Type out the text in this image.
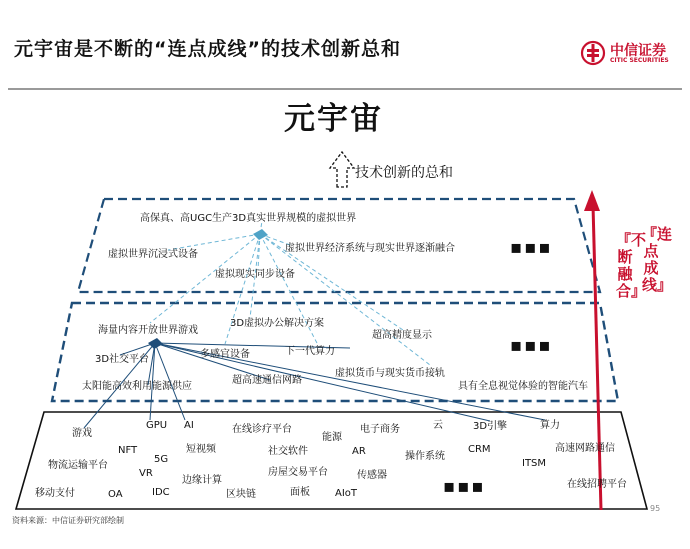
元宇宙是不断的“连点成线”的技术创新总和	中信证券
CITIC SECURITIES
元宇宙
技术创新的总和
高保真、高UGC生产3D真实世界规模的虚拟世界
虚拟世界沉浸式设备
虚拟世界经济系统与现实世界逐渐融合
虚拟现实同步设备
▪▪▪
海量内容开放世界游戏
3D虚拟办公解决方案
超高精度显示
3D社交平台	多感官设备	下一代算力
虚拟货币与现实货币接轨
太阳能高效利用能源供应
超高速通信网路
具有全息视觉体验的智能汽车
▪▪▪
游戏
GPU AI	在线诊疗平台
能源
电子商务	云	3D引擎	算力
NFT
5G
短视频	社交软件	AR	操作系统
CRM	高速网路通信
物流运输平台
VR
ITSM
边缘计算
房屋交易平台	传感器
移动支付	OA	IDC	区块链	面板	AIoT
在线招聘平台
▪▪▪
『不断融合』
『连点成线』
资料来源：中信证券研究部绘制
95
